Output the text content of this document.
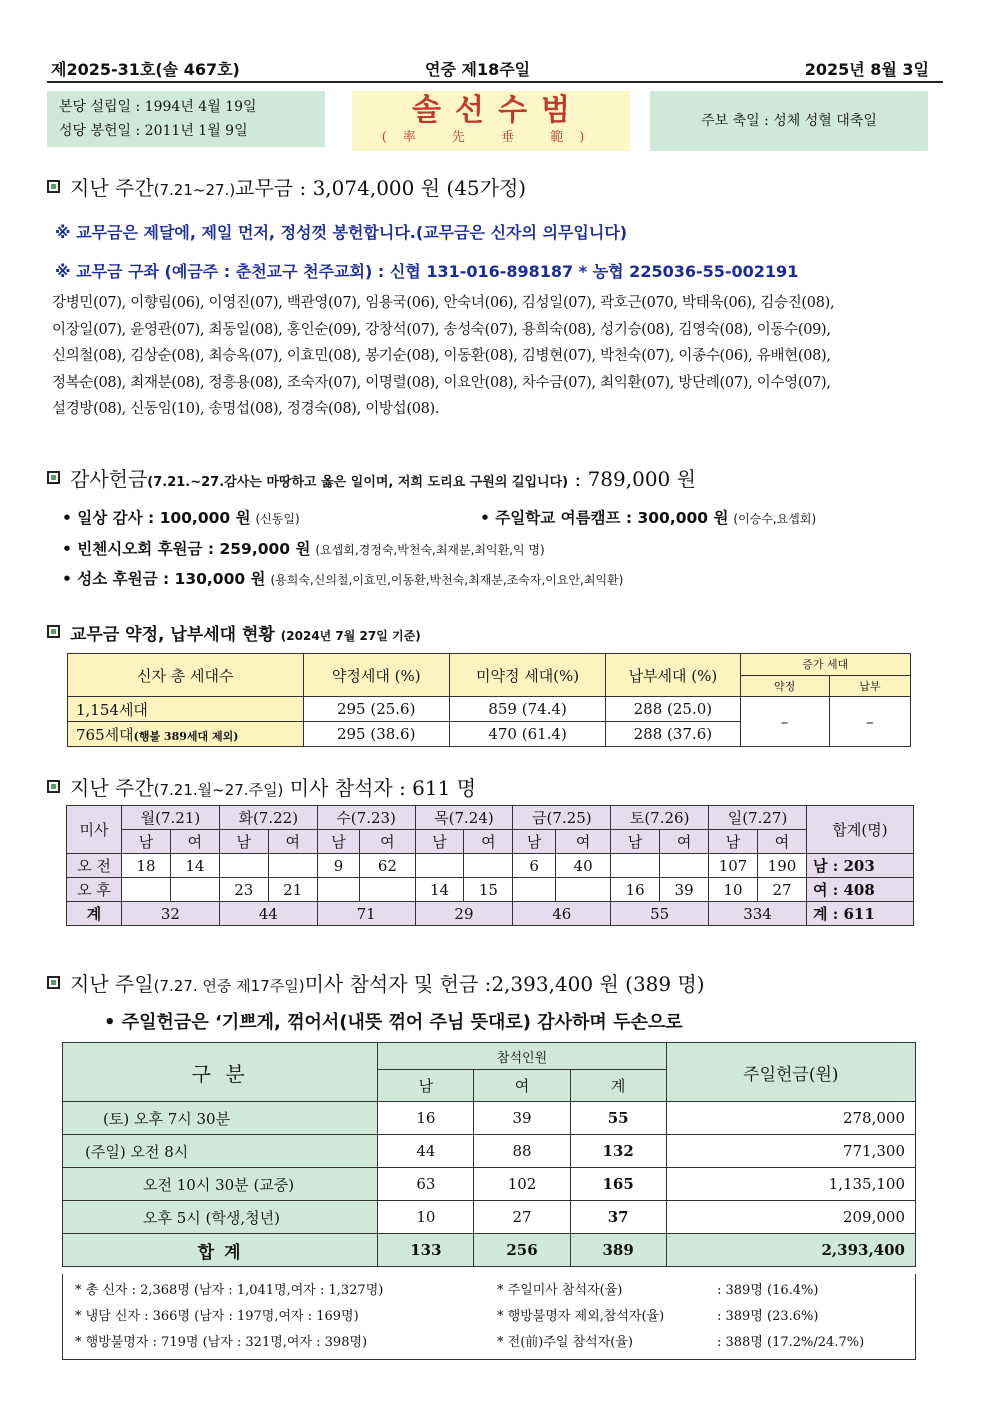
제2025-31호(솔 467호)	연중 제18주일	2025년 8월 3일
본당 설립일 : 1994년 4월 19일
성당 봉헌일 : 2011년 1월 9일
솔선수범
(率 先 垂 範)
주보 축일 : 성체 성혈 대축일
지난 주간(7.21~27.)교무금 : 3,074,000 원 (45가정)
※ 교무금은 제달에, 제일 먼저, 정성껏 봉헌합니다.(교무금은 신자의 의무입니다)
※ 교무금 구좌 (예금주 : 춘천교구 천주교회) : 신협 131-016-898187 * 농협 225036-55-002191
강병민(07), 이향림(06), 이영진(07), 백관영(07), 임용국(06), 안숙녀(06), 김성일(07), 곽호근(070, 박태욱(06), 김승진(08),
이장일(07), 윤영관(07), 최동일(08), 홍인순(09), 강창석(07), 송성숙(07), 용희숙(08), 성기승(08), 김영숙(08), 이동수(09),
신의철(08), 김상순(08), 최승옥(07), 이효민(08), 봉기순(08), 이동환(08), 김병현(07), 박천숙(07), 이종수(06), 유배현(08),
정복순(08), 최재분(08), 정흥용(08), 조숙자(07), 이명렬(08), 이요안(08), 차수금(07), 최익환(07), 방단례(07), 이수영(07),
설경방(08), 신동임(10), 송명섭(08), 정경숙(08), 이방섭(08).
감사헌금(7.21.~27.감사는 마땅하고 옳은 일이며, 저희 도리요 구원의 길입니다) : 789,000 원
• 일상 감사 : 100,000 원 (신동일)	• 주일학교 여름캠프 : 300,000 원 (이승수,요셉회)
• 빈첸시오회 후원금 : 259,000 원 (요셉회,경정숙,박천숙,최재분,최익환,익 명)
• 성소 후원금 : 130,000 원 (용희숙,신의철,이효민,이동환,박천숙,최재분,조숙자,이요안,최익환)
교무금 약정, 납부세대 현황 (2024년 7월 27일 기준)
신자 총 세대수	약정세대 (%)	미약정 세대(%)	납부세대 (%)	증가 세대	
				약정	납부
1,154세대	295 (25.6)	859 (74.4)	288 (25.0)	–	–
765세대(행불 389세대 제외)	295 (38.6)	470 (61.4)	288 (37.6)		
지난 주간(7.21.월~27.주일) 미사 참석자 : 611 명
미사	월(7.21)		화(7.22)		수(7.23)		목(7.24)		금(7.25)		토(7.26)		일(7.27)		합계(명)
	남	여	남	여	남	여	남	여	남	여	남	여	남	여	
오 전	18	14			9	62			6	40			107	190	남 : 203
오 후			23	21			14	15			16	39	10	27	여 : 408
계	32		44		71		29		46		55		334		계 : 611
지난 주일(7.27. 연중 제17주일)미사 참석자 및 헌금 :2,393,400 원 (389 명)
• 주일헌금은 ‘기쁘게, 꺾어서(내뜻 꺾어 주님 뜻대로) 감사하며 두손으로
구 분	참석인원			주일헌금(원)
	남	여	계	
(토) 오후 7시 30분	16	39	55	278,000
(주일) 오전 8시	44	88	132	771,300
오전 10시 30분 (교중)	63	102	165	1,135,100
오후 5시 (학생,청년)	10	27	37	209,000
합 계	133	256	389	2,393,400
* 총 신자 : 2,368명 (남자 : 1,041명,여자 : 1,327명)	* 주일미사 참석자(율)	: 389명 (16.4%)
* 냉담 신자 : 366명 (남자 : 197명,여자 : 169명)	* 행방불명자 제외,참석자(율)	: 389명 (23.6%)
* 행방불명자 : 719명 (남자 : 321명,여자 : 398명)	* 전(前)주일 참석자(율)	: 388명 (17.2%/24.7%)
